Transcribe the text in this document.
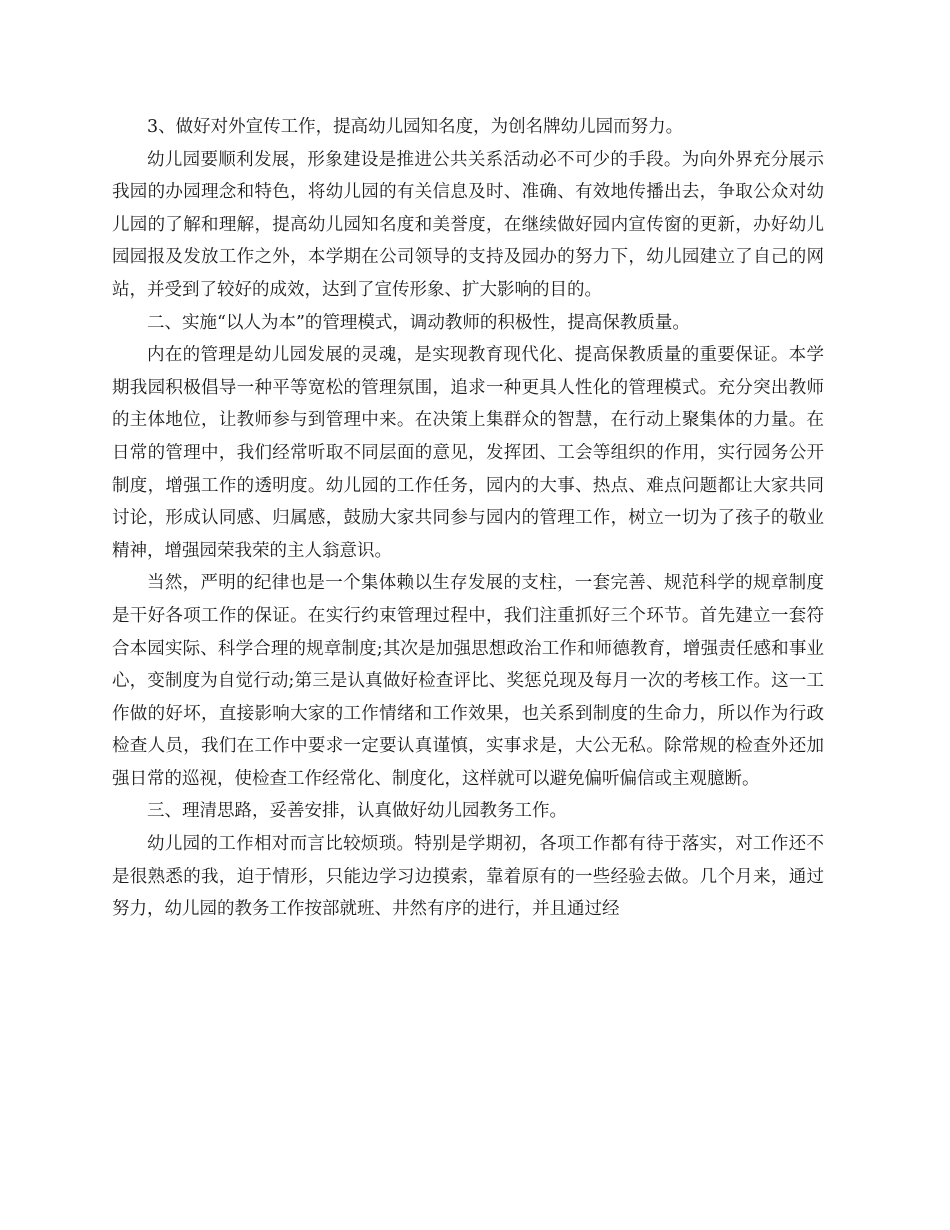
3、做好对外宣传工作，提高幼儿园知名度，为创名牌幼儿园而努力。

幼儿园要顺利发展，形象建设是推进公共关系活动必不可少的手段。为向外界充分展示我园的办园理念和特色，将幼儿园的有关信息及时、准确、有效地传播出去，争取公众对幼儿园的了解和理解，提高幼儿园知名度和美誉度，在继续做好园内宣传窗的更新，办好幼儿园园报及发放工作之外，本学期在公司领导的支持及园办的努力下，幼儿园建立了自己的网站，并受到了较好的成效，达到了宣传形象、扩大影响的目的。

二、实施“以人为本”的管理模式，调动教师的积极性，提高保教质量。

内在的管理是幼儿园发展的灵魂，是实现教育现代化、提高保教质量的重要保证。本学期我园积极倡导一种平等宽松的管理氛围，追求一种更具人性化的管理模式。充分突出教师的主体地位，让教师参与到管理中来。在决策上集群众的智慧，在行动上聚集体的力量。在日常的管理中，我们经常听取不同层面的意见，发挥团、工会等组织的作用，实行园务公开制度，增强工作的透明度。幼儿园的工作任务，园内的大事、热点、难点问题都让大家共同讨论，形成认同感、归属感，鼓励大家共同参与园内的管理工作，树立一切为了孩子的敬业精神，增强园荣我荣的主人翁意识。

当然，严明的纪律也是一个集体赖以生存发展的支柱，一套完善、规范科学的规章制度是干好各项工作的保证。在实行约束管理过程中，我们注重抓好三个环节。首先建立一套符合本园实际、科学合理的规章制度;其次是加强思想政治工作和师德教育，增强责任感和事业心，变制度为自觉行动;第三是认真做好检查评比、奖惩兑现及每月一次的考核工作。这一工作做的好坏，直接影响大家的工作情绪和工作效果，也关系到制度的生命力，所以作为行政检查人员，我们在工作中要求一定要认真谨慎，实事求是，大公无私。除常规的检查外还加强日常的巡视，使检查工作经常化、制度化，这样就可以避免偏听偏信或主观臆断。

三、理清思路，妥善安排，认真做好幼儿园教务工作。

幼儿园的工作相对而言比较烦琐。特别是学期初，各项工作都有待于落实，对工作还不是很熟悉的我，迫于情形，只能边学习边摸索，靠着原有的一些经验去做。几个月来，通过努力，幼儿园的教务工作按部就班、井然有序的进行，并且通过经
